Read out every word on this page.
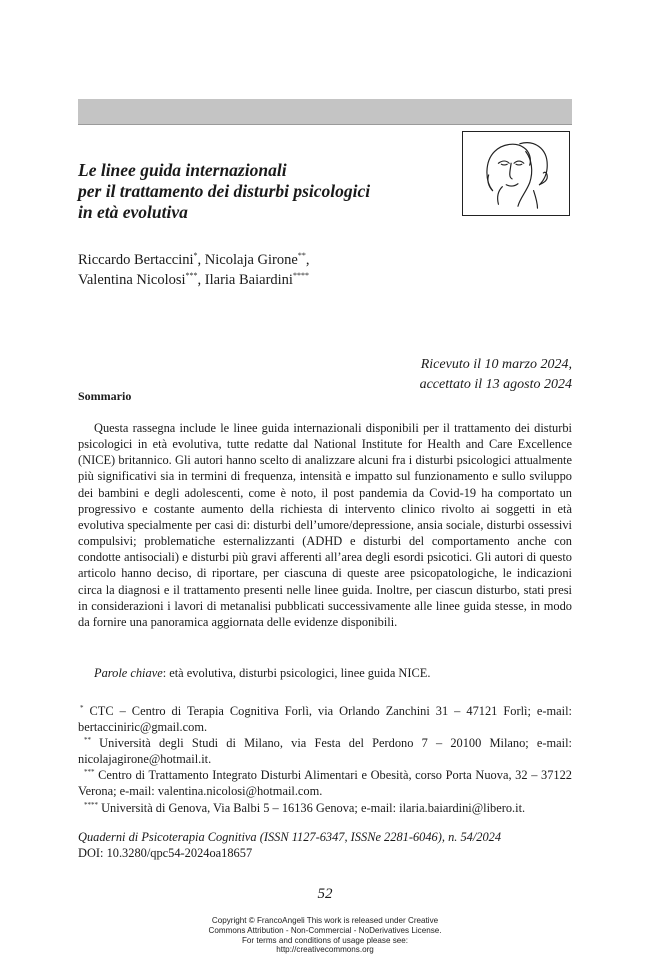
Le linee guida internazionali
per il trattamento dei disturbi psicologici
in età evolutiva
Riccardo Bertaccini*, Nicolaja Girone**,
Valentina Nicolosi***, Ilaria Baiardini****
Ricevuto il 10 marzo 2024,
accettato il 13 agosto 2024
Sommario

Questa rassegna include le linee guida internazionali disponibili per il trattamento dei disturbi psicologici in età evolutiva, tutte redatte dal National Institute for Health and Care Excellence (NICE) britannico. Gli autori hanno scelto di analizzare alcuni fra i disturbi psicologici attualmente più significativi sia in termini di frequenza, intensità e impatto sul funzionamento e sullo sviluppo dei bambini e degli adolescenti, come è noto, il post pandemia da Covid-19 ha comportato un progressivo e costante aumento della richiesta di intervento clinico rivolto ai soggetti in età evolutiva specialmente per casi di: disturbi dell’umore/depressione, ansia sociale, disturbi ossessivi compulsivi; problematiche esternalizzanti (ADHD e disturbi del comportamento anche con condotte antisociali) e disturbi più gravi afferenti all’area degli esordi psicotici. Gli autori di questo articolo hanno deciso, di riportare, per ciascuna di queste aree psicopatologiche, le indicazioni circa la diagnosi e il trattamento presenti nelle linee guida. Inoltre, per ciascun disturbo, stati presi in considerazioni i lavori di metanalisi pubblicati successivamente alle linee guida stesse, in modo da fornire una panoramica aggiornata delle evidenze disponibili.

Parole chiave: età evolutiva, disturbi psicologici, linee guida NICE.

* CTC – Centro di Terapia Cognitiva Forlì, via Orlando Zanchini 31 – 47121 Forlì; e-mail: bertacciniric@gmail.com.

** Università degli Studi di Milano, via Festa del Perdono 7 – 20100 Milano; e-mail: nicolajagirone@hotmail.it.

*** Centro di Trattamento Integrato Disturbi Alimentari e Obesità, corso Porta Nuova, 32 – 37122 Verona; e-mail: valentina.nicolosi@hotmail.com.

**** Università di Genova, Via Balbi 5 – 16136 Genova; e-mail: ilaria.baiardini@libero.it.

Quaderni di Psicoterapia Cognitiva (ISSN 1127-6347, ISSNe 2281-6046), n. 54/2024
DOI: 10.3280/qpc54-2024oa18657
52
Copyright © FrancoAngeli This work is released under Creative
Commons Attribution - Non-Commercial - NoDerivatives License.
For terms and conditions of usage please see:
http://creativecommons.org
